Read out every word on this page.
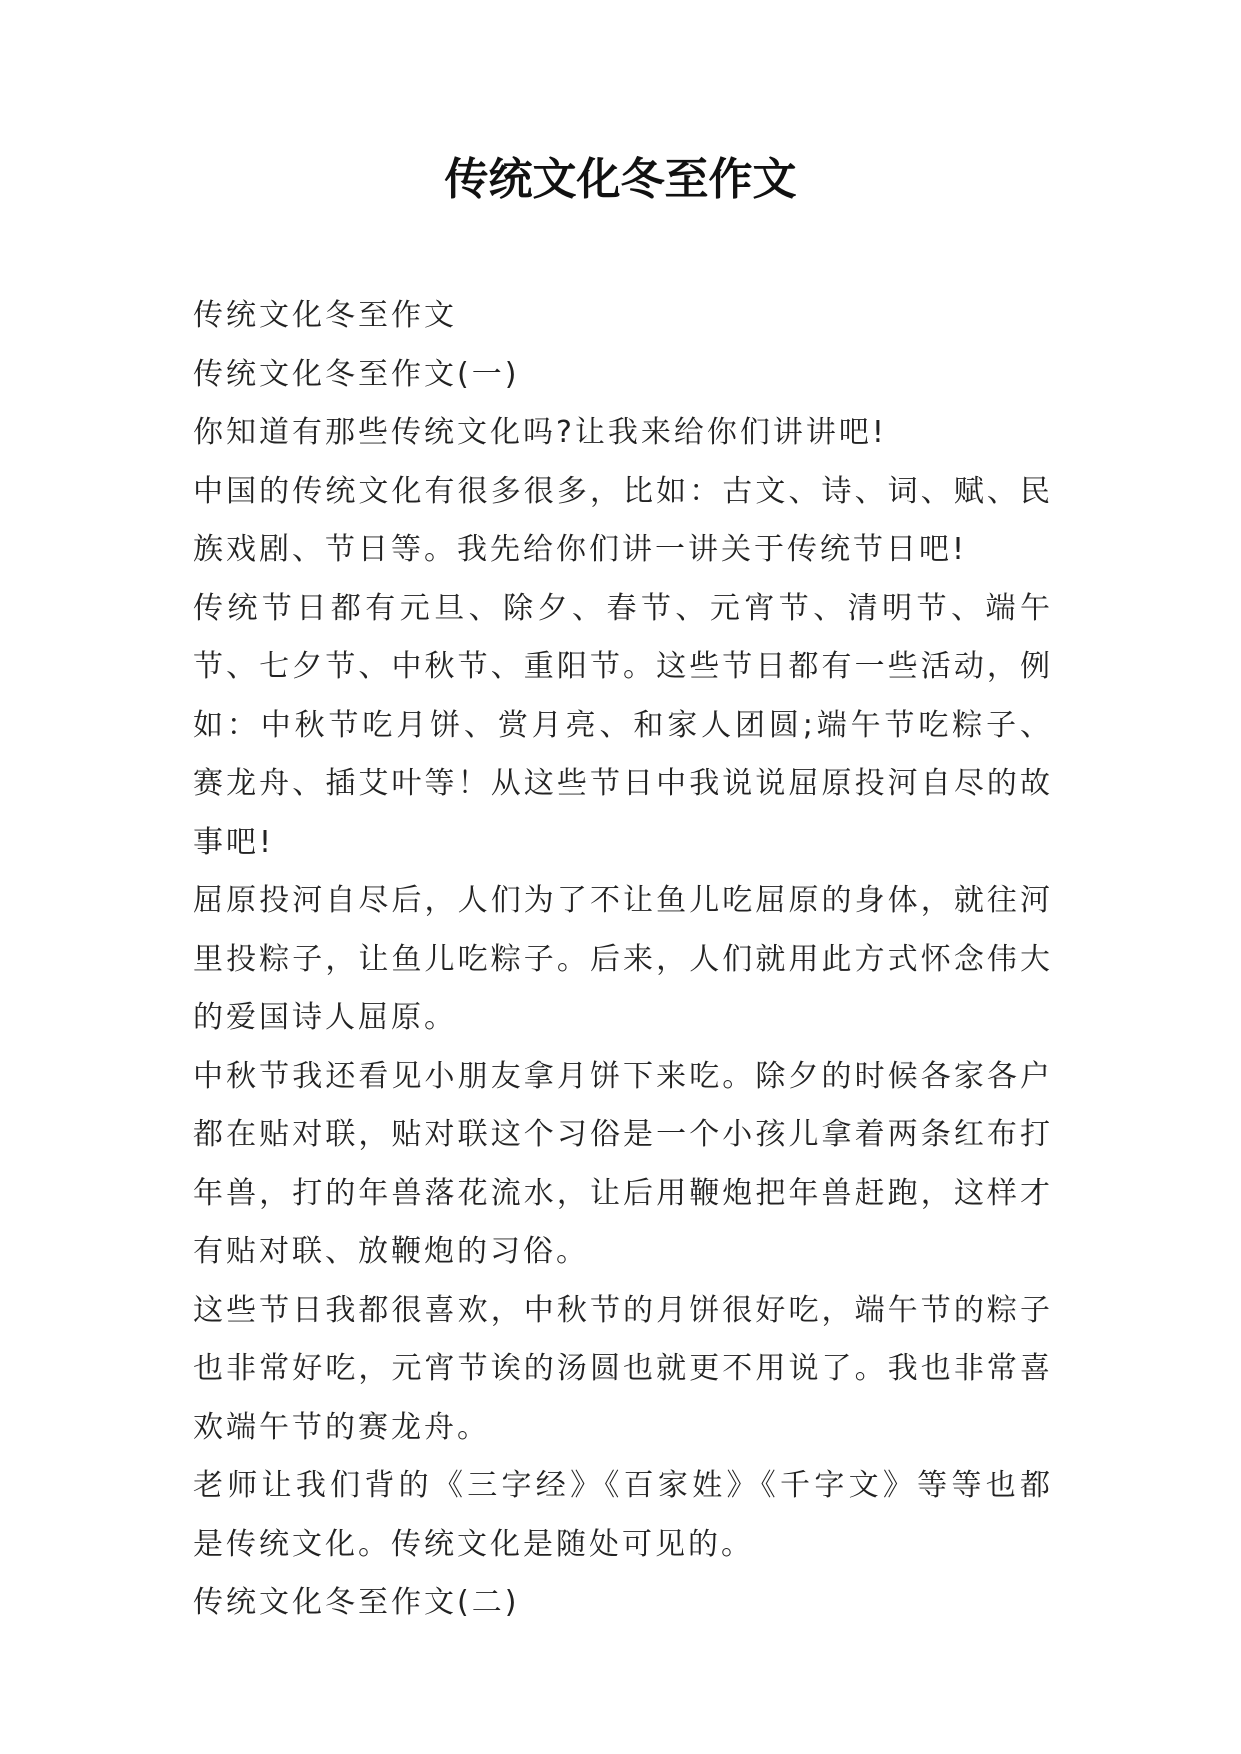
传统文化冬至作文

传统文化冬至作文

传统文化冬至作文(一)

你知道有那些传统文化吗?让我来给你们讲讲吧!

中国的传统文化有很多很多，比如：古文、诗、词、赋、民族戏剧、节日等。我先给你们讲一讲关于传统节日吧!

传统节日都有元旦、除夕、春节、元宵节、清明节、端午节、七夕节、中秋节、重阳节。这些节日都有一些活动，例如：中秋节吃月饼、赏月亮、和家人团圆;端午节吃粽子、赛龙舟、插艾叶等！从这些节日中我说说屈原投河自尽的故事吧!

屈原投河自尽后，人们为了不让鱼儿吃屈原的身体，就往河里投粽子，让鱼儿吃粽子。后来，人们就用此方式怀念伟大的爱国诗人屈原。

中秋节我还看见小朋友拿月饼下来吃。除夕的时候各家各户都在贴对联，贴对联这个习俗是一个小孩儿拿着两条红布打年兽，打的年兽落花流水，让后用鞭炮把年兽赶跑，这样才有贴对联、放鞭炮的习俗。

这些节日我都很喜欢，中秋节的月饼很好吃，端午节的粽子也非常好吃，元宵节诶的汤圆也就更不用说了。我也非常喜欢端午节的赛龙舟。

老师让我们背的《三字经》《百家姓》《千字文》等等也都是传统文化。传统文化是随处可见的。

传统文化冬至作文(二)
